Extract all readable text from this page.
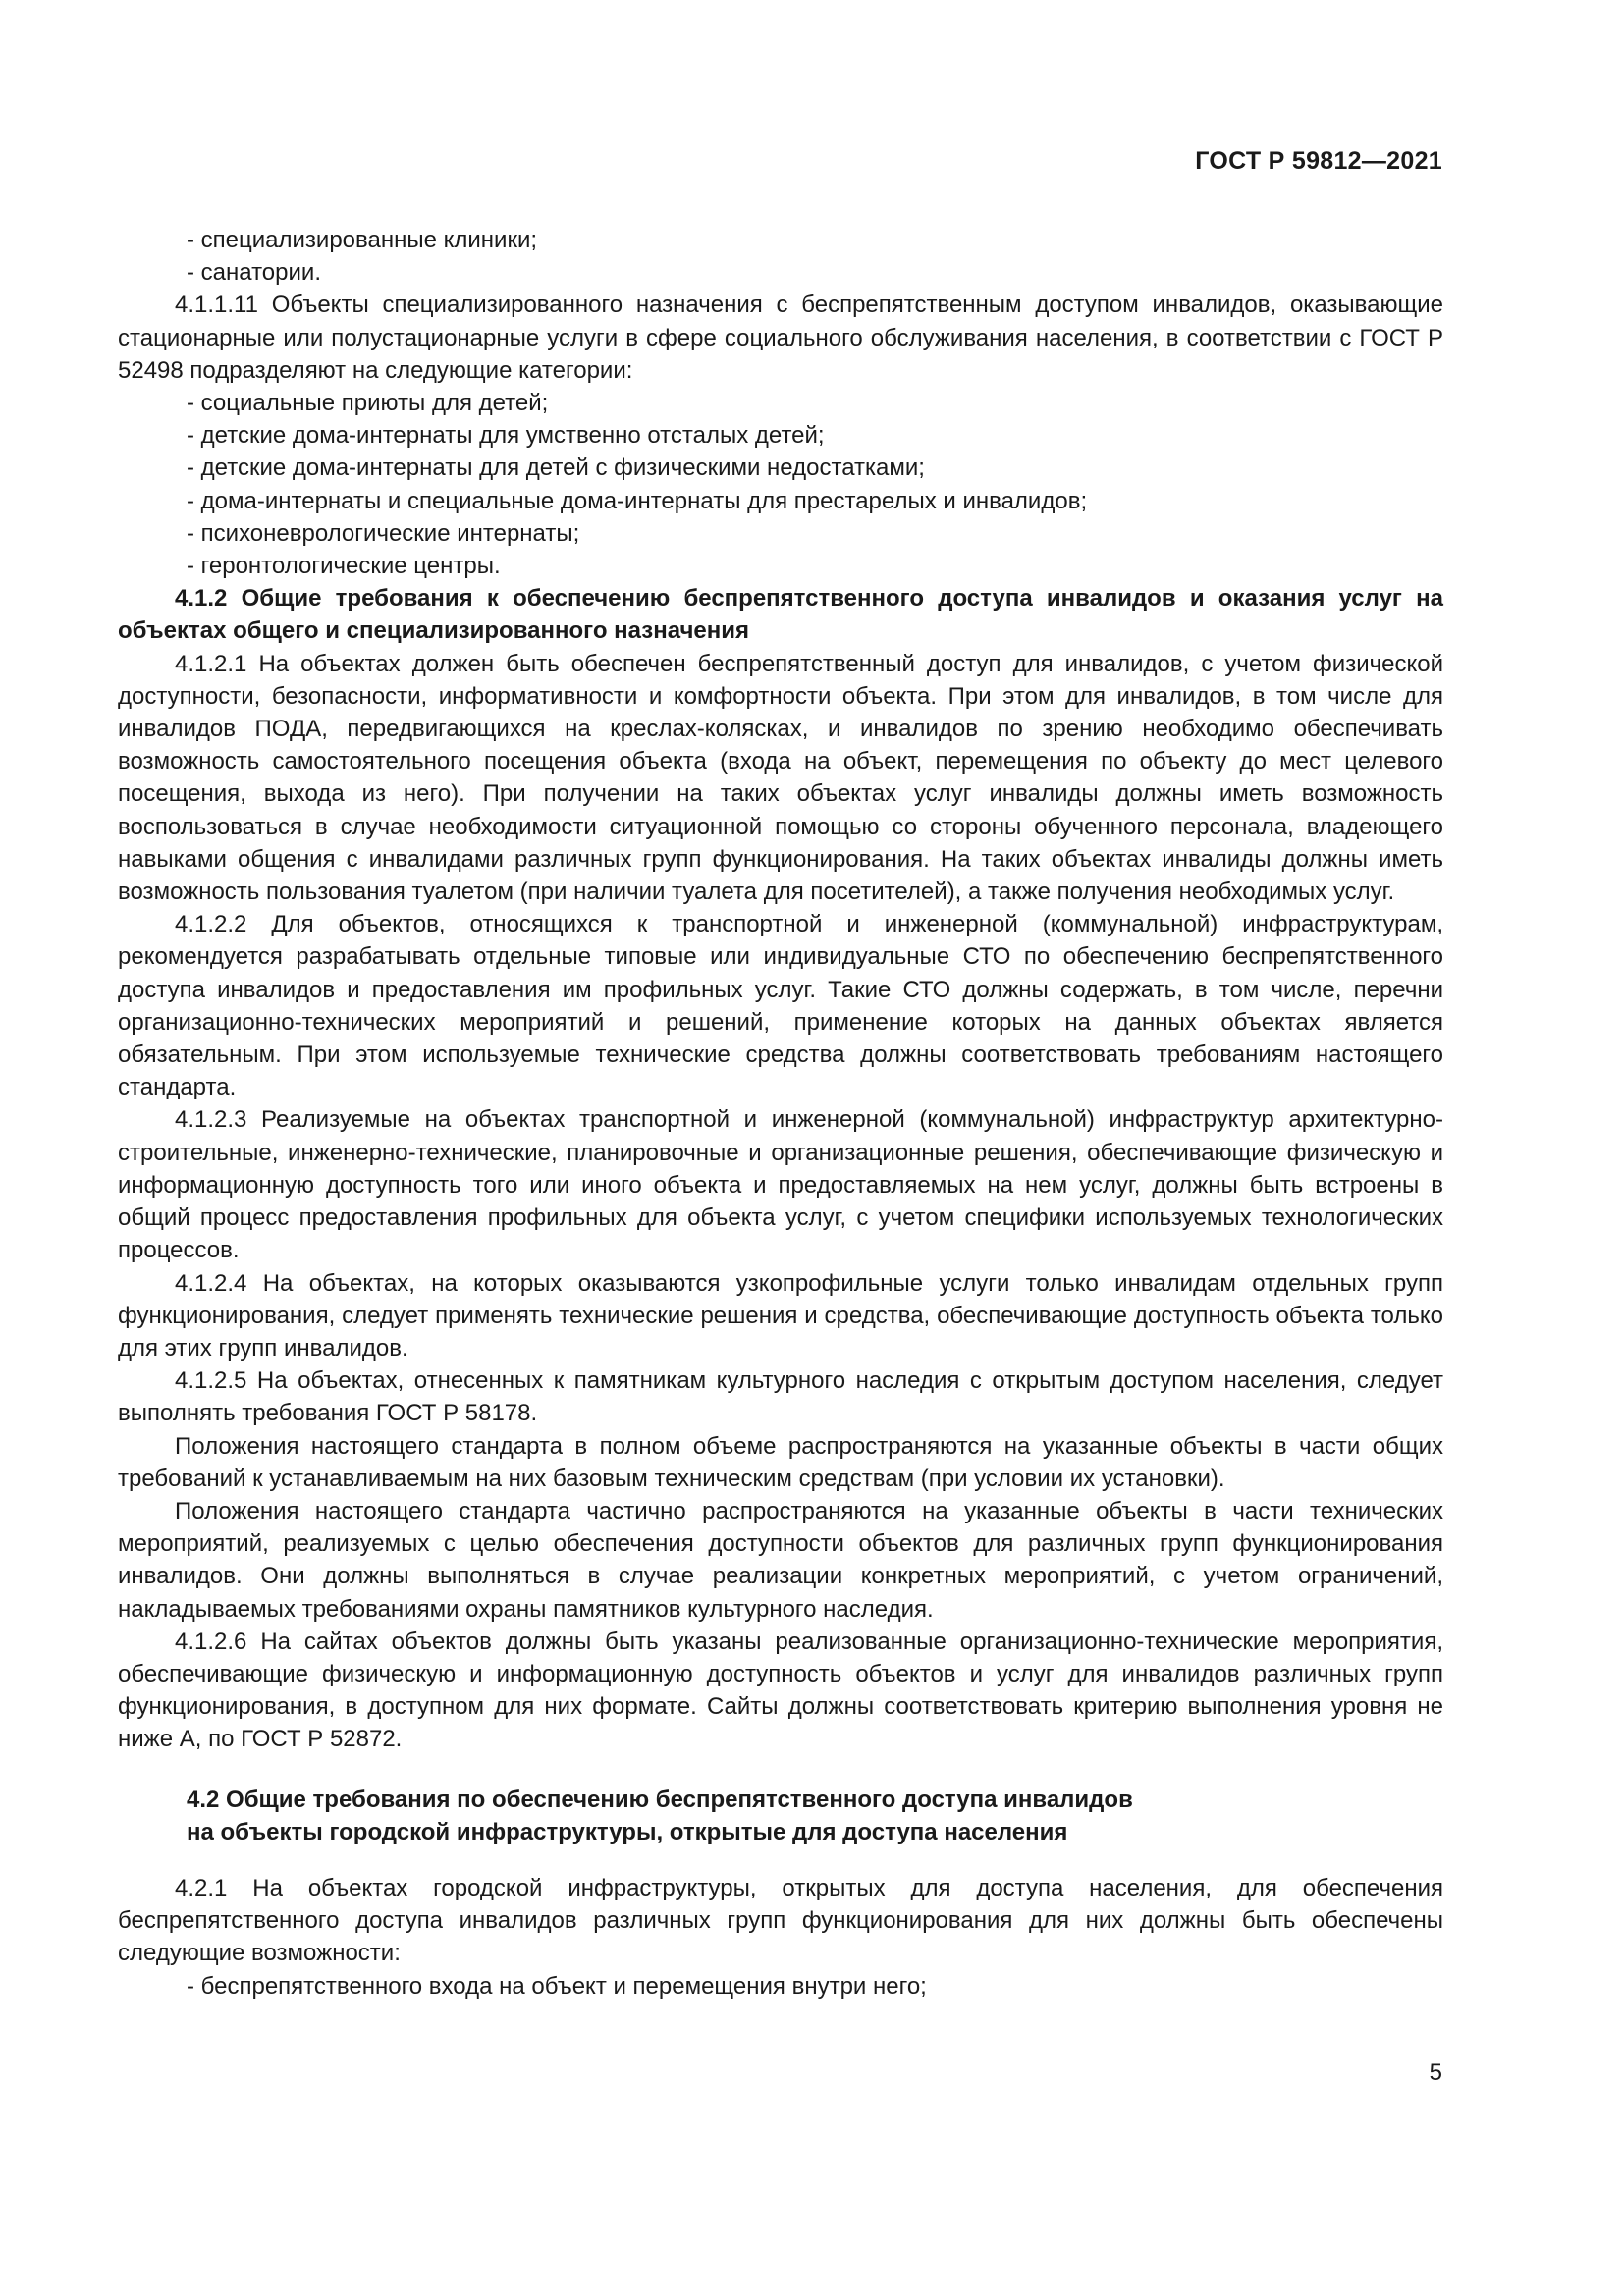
ГОСТ Р 59812—2021

- специализированные клиники;

- санатории.

4.1.1.11 Объекты специализированного назначения с беспрепятственным доступом инвалидов, оказывающие стационарные или полустационарные услуги в сфере социального обслуживания населения, в соответствии с ГОСТ Р 52498 подразделяют на следующие категории:

- социальные приюты для детей;

- детские дома-интернаты для умственно отсталых детей;

- детские дома-интернаты для детей с физическими недостатками;

- дома-интернаты и специальные дома-интернаты для престарелых и инвалидов;

- психоневрологические интернаты;

- геронтологические центры.

4.1.2 Общие требования к обеспечению беспрепятственного доступа инвалидов и оказания услуг на объектах общего и специализированного назначения

4.1.2.1 На объектах должен быть обеспечен беспрепятственный доступ для инвалидов, с учетом физической доступности, безопасности, информативности и комфортности объекта. При этом для инвалидов, в том числе для инвалидов ПОДА, передвигающихся на креслах-колясках, и инвалидов по зрению необходимо обеспечивать возможность самостоятельного посещения объекта (входа на объект, перемещения по объекту до мест целевого посещения, выхода из него). При получении на таких объектах услуг инвалиды должны иметь возможность воспользоваться в случае необходимости ситуационной помощью со стороны обученного персонала, владеющего навыками общения с инвалидами различных групп функционирования. На таких объектах инвалиды должны иметь возможность пользования туалетом (при наличии туалета для посетителей), а также получения необходимых услуг.

4.1.2.2 Для объектов, относящихся к транспортной и инженерной (коммунальной) инфраструктурам, рекомендуется разрабатывать отдельные типовые или индивидуальные СТО по обеспечению беспрепятственного доступа инвалидов и предоставления им профильных услуг. Такие СТО должны содержать, в том числе, перечни организационно-технических мероприятий и решений, применение которых на данных объектах является обязательным. При этом используемые технические средства должны соответствовать требованиям настоящего стандарта.

4.1.2.3 Реализуемые на объектах транспортной и инженерной (коммунальной) инфраструктур архитектурно-строительные, инженерно-технические, планировочные и организационные решения, обеспечивающие физическую и информационную доступность того или иного объекта и предоставляемых на нем услуг, должны быть встроены в общий процесс предоставления профильных для объекта услуг, с учетом специфики используемых технологических процессов.

4.1.2.4 На объектах, на которых оказываются узкопрофильные услуги только инвалидам отдельных групп функционирования, следует применять технические решения и средства, обеспечивающие доступность объекта только для этих групп инвалидов.

4.1.2.5 На объектах, отнесенных к памятникам культурного наследия с открытым доступом населения, следует выполнять требования ГОСТ Р 58178.

Положения настоящего стандарта в полном объеме распространяются на указанные объекты в части общих требований к устанавливаемым на них базовым техническим средствам (при условии их установки).

Положения настоящего стандарта частично распространяются на указанные объекты в части технических мероприятий, реализуемых с целью обеспечения доступности объектов для различных групп функционирования инвалидов. Они должны выполняться в случае реализации конкретных мероприятий, с учетом ограничений, накладываемых требованиями охраны памятников культурного наследия.

4.1.2.6 На сайтах объектов должны быть указаны реализованные организационно-технические мероприятия, обеспечивающие физическую и информационную доступность объектов и услуг для инвалидов различных групп функционирования, в доступном для них формате. Сайты должны соответствовать критерию выполнения уровня не ниже А, по ГОСТ Р 52872.

4.2 Общие требования по обеспечению беспрепятственного доступа инвалидов
на объекты городской инфраструктуры, открытые для доступа населения

4.2.1 На объектах городской инфраструктуры, открытых для доступа населения, для обеспечения беспрепятственного доступа инвалидов различных групп функционирования для них должны быть обеспечены следующие возможности:

- беспрепятственного входа на объект и перемещения внутри него;

5
